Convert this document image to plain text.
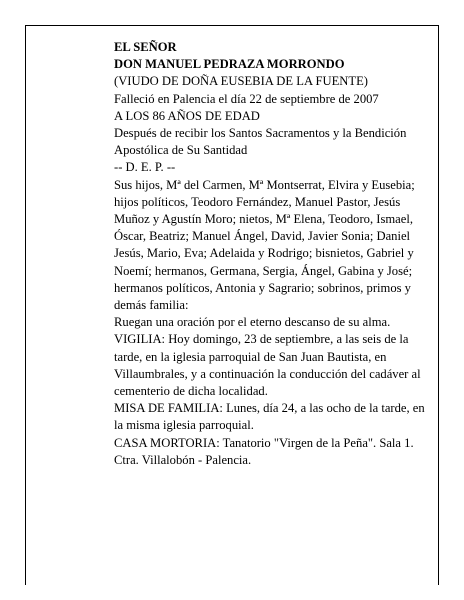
EL SEÑOR

DON MANUEL PEDRAZA MORRONDO

(VIUDO DE DOÑA EUSEBIA DE LA FUENTE)

Falleció en Palencia el día 22 de septiembre de 2007

A LOS 86 AÑOS DE EDAD

Después de recibir los Santos Sacramentos y la Bendición Apostólica de Su Santidad

-- D. E. P. --

Sus hijos, Mª del Carmen, Mª Montserrat, Elvira y Eusebia; hijos políticos, Teodoro Fernández, Manuel Pastor, Jesús Muñoz y Agustín Moro; nietos, Mª Elena, Teodoro, Ismael, Óscar, Beatriz; Manuel Ángel, David, Javier Sonia; Daniel Jesús, Mario, Eva; Adelaida y Rodrigo; bisnietos, Gabriel y Noemí; hermanos, Germana, Sergia, Ángel, Gabina y José; hermanos políticos, Antonia y Sagrario; sobrinos, primos y demás familia:

Ruegan una oración por el eterno descanso de su alma.

VIGILIA: Hoy domingo, 23 de septiembre, a las seis de la tarde, en la iglesia parroquial de San Juan Bautista, en Villaumbrales, y a continuación la conducción del cadáver al cementerio de dicha localidad.

MISA DE FAMILIA: Lunes, día 24, a las ocho de la tarde, en la misma iglesia parroquial.

CASA MORTORIA: Tanatorio "Virgen de la Peña". Sala 1. Ctra. Villalobón - Palencia.
